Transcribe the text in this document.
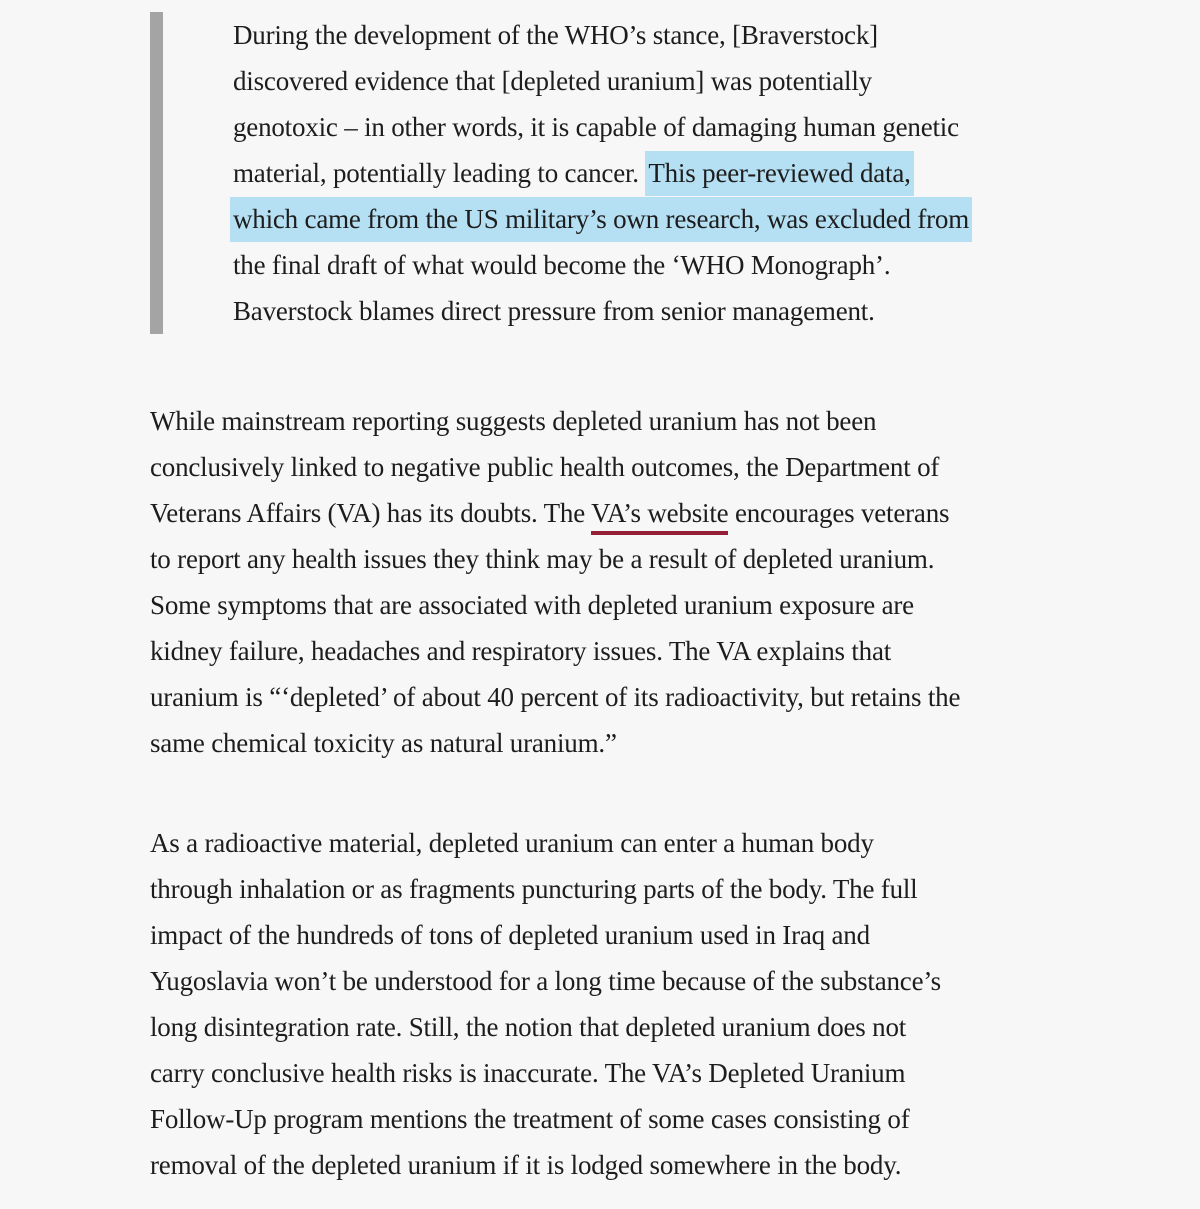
During the development of the WHO’s stance, [Braverstock]
discovered evidence that [depleted uranium] was potentially
genotoxic – in other words, it is capable of damaging human genetic
material, potentially leading to cancer. This peer-reviewed data,
which came from the US military’s own research, was excluded from
the final draft of what would become the ‘WHO Monograph’.
Baverstock blames direct pressure from senior management.
While mainstream reporting suggests depleted uranium has not been
conclusively linked to negative public health outcomes, the Department of
Veterans Affairs (VA) has its doubts. The VA’s website encourages veterans
to report any health issues they think may be a result of depleted uranium.
Some symptoms that are associated with depleted uranium exposure are
kidney failure, headaches and respiratory issues. The VA explains that
uranium is “‘depleted’ of about 40 percent of its radioactivity, but retains the
same chemical toxicity as natural uranium.”
As a radioactive material, depleted uranium can enter a human body
through inhalation or as fragments puncturing parts of the body. The full
impact of the hundreds of tons of depleted uranium used in Iraq and
Yugoslavia won’t be understood for a long time because of the substance’s
long disintegration rate. Still, the notion that depleted uranium does not
carry conclusive health risks is inaccurate. The VA’s Depleted Uranium
Follow-Up program mentions the treatment of some cases consisting of
removal of the depleted uranium if it is lodged somewhere in the body.
